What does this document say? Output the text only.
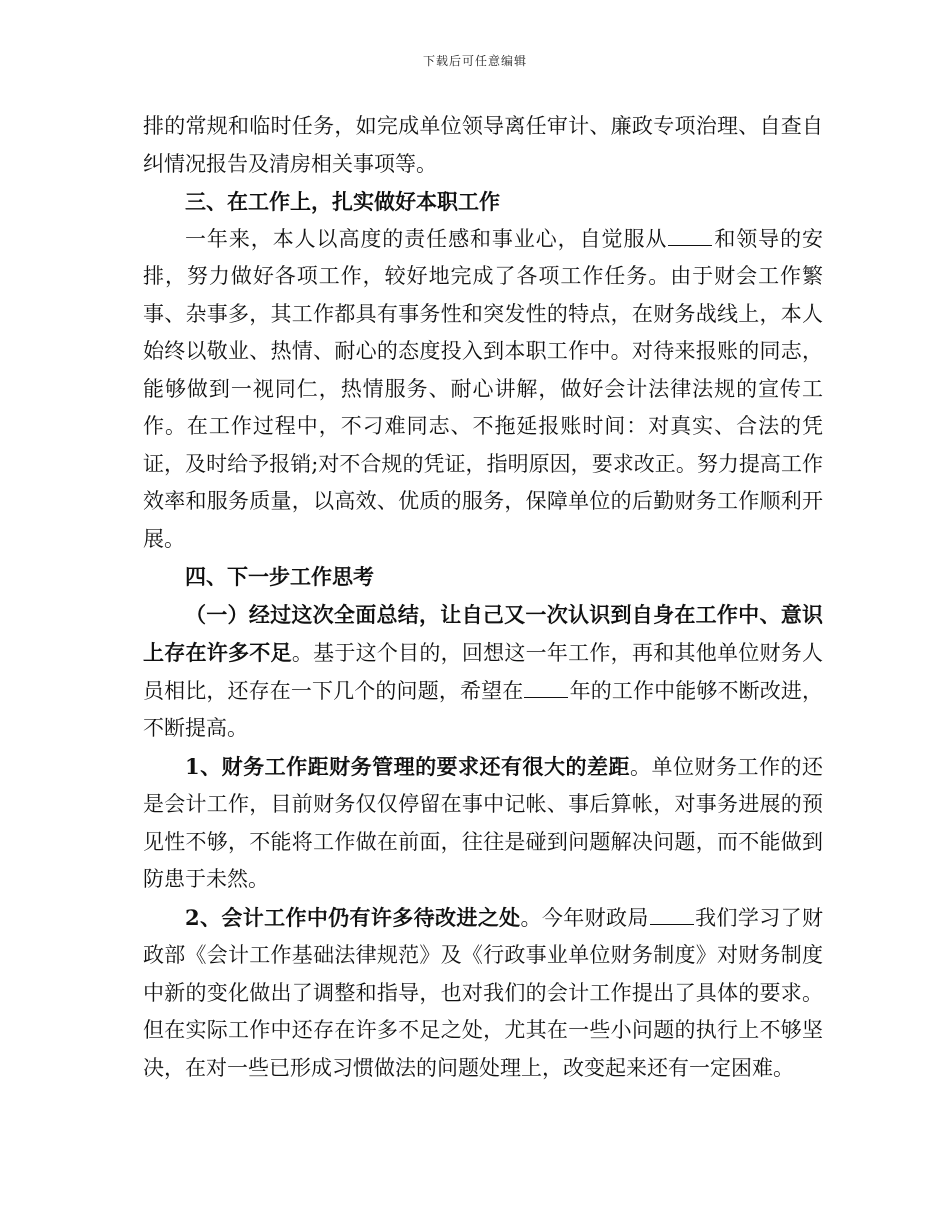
下载后可任意编辑

排的常规和临时任务，如完成单位领导离任审计、廉政专项治理、自查自纠情况报告及清房相关事项等。

三、在工作上，扎实做好本职工作

一年来，本人以高度的责任感和事业心，自觉服从 和领导的安排，努力做好各项工作，较好地完成了各项工作任务。由于财会工作繁事、杂事多，其工作都具有事务性和突发性的特点，在财务战线上，本人始终以敬业、热情、耐心的态度投入到本职工作中。对待来报账的同志，能够做到一视同仁，热情服务、耐心讲解，做好会计法律法规的宣传工作。在工作过程中，不刁难同志、不拖延报账时间：对真实、合法的凭证，及时给予报销;对不合规的凭证，指明原因，要求改正。努力提高工作效率和服务质量，以高效、优质的服务，保障单位的后勤财务工作顺利开展。

四、下一步工作思考

（一）经过这次全面总结，让自己又一次认识到自身在工作中、意识上存在许多不足。基于这个目的，回想这一年工作，再和其他单位财务人员相比，还存在一下几个的问题，希望在 年的工作中能够不断改进，不断提高。

1、财务工作距财务管理的要求还有很大的差距。单位财务工作的还是会计工作，目前财务仅仅停留在事中记帐、事后算帐，对事务进展的预见性不够，不能将工作做在前面，往往是碰到问题解决问题，而不能做到防患于未然。

2、会计工作中仍有许多待改进之处。今年财政局 我们学习了财政部《会计工作基础法律规范》及《行政事业单位财务制度》对财务制度中新的变化做出了调整和指导，也对我们的会计工作提出了具体的要求。但在实际工作中还存在许多不足之处，尤其在一些小问题的执行上不够坚决，在对一些已形成习惯做法的问题处理上，改变起来还有一定困难。
